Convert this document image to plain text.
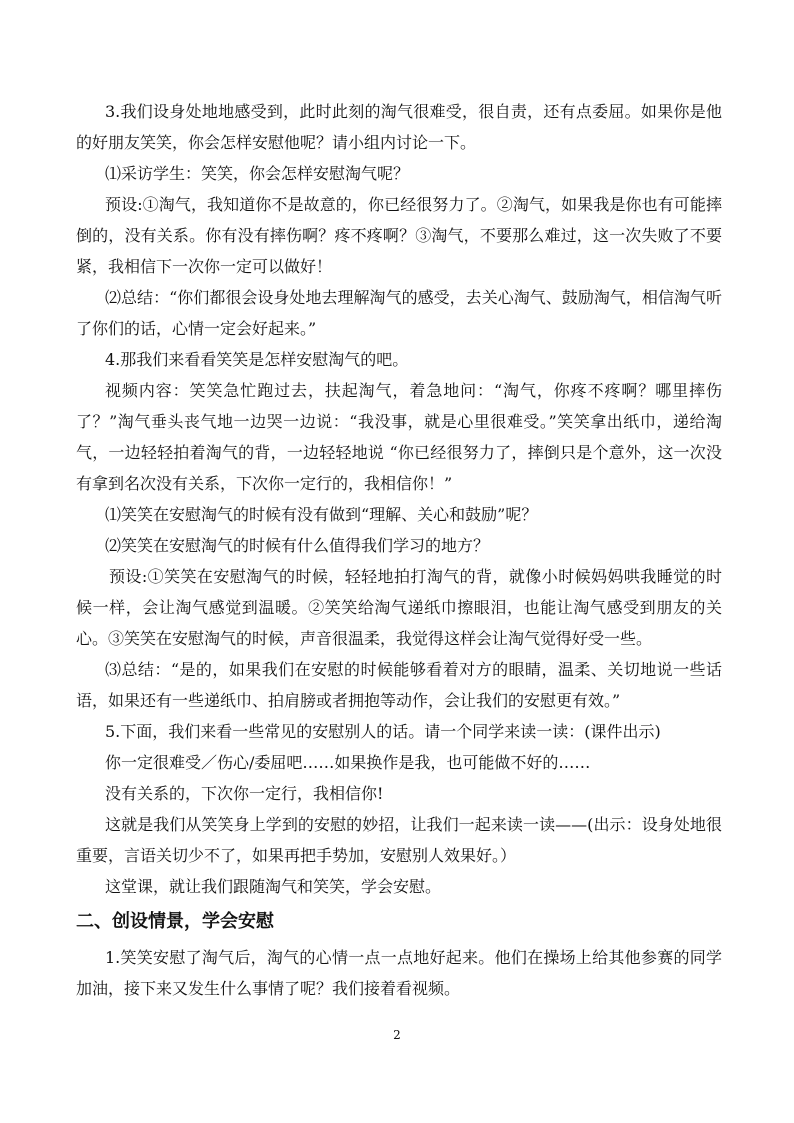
3.我们设身处地地感受到，此时此刻的淘气很难受，很自责，还有点委屈。如果你是他的好朋友笑笑，你会怎样安慰他呢？请小组内讨论一下。

⑴采访学生：笑笑，你会怎样安慰淘气呢？

预设:①淘气，我知道你不是故意的，你已经很努力了。②淘气，如果我是你也有可能摔倒的，没有关系。你有没有摔伤啊？疼不疼啊？③淘气，不要那么难过，这一次失败了不要紧，我相信下一次你一定可以做好！

⑵总结：“你们都很会设身处地去理解淘气的感受，去关心淘气、鼓励淘气，相信淘气听了你们的话，心情一定会好起来。”

4.那我们来看看笑笑是怎样安慰淘气的吧。

视频内容：笑笑急忙跑过去，扶起淘气，着急地问：“淘气，你疼不疼啊？哪里摔伤了？”淘气垂头丧气地一边哭一边说：“我没事，就是心里很难受。”笑笑拿出纸巾，递给淘气，一边轻轻拍着淘气的背，一边轻轻地说 “你已经很努力了，摔倒只是个意外，这一次没有拿到名次没有关系，下次你一定行的，我相信你！”

⑴笑笑在安慰淘气的时候有没有做到“理解、关心和鼓励”呢？

⑵笑笑在安慰淘气的时候有什么值得我们学习的地方？

预设:①笑笑在安慰淘气的时候，轻轻地拍打淘气的背，就像小时候妈妈哄我睡觉的时候一样，会让淘气感觉到温暖。②笑笑给淘气递纸巾擦眼泪，也能让淘气感受到朋友的关心。③笑笑在安慰淘气的时候，声音很温柔，我觉得这样会让淘气觉得好受一些。

⑶总结：“是的，如果我们在安慰的时候能够看着对方的眼睛，温柔、关切地说一些话语，如果还有一些递纸巾、拍肩膀或者拥抱等动作，会让我们的安慰更有效。”

5.下面，我们来看一些常见的安慰别人的话。请一个同学来读一读：(课件出示)

你一定很难受／伤心/委屈吧……如果换作是我，也可能做不好的……

没有关系的，下次你一定行，我相信你!

这就是我们从笑笑身上学到的安慰的妙招，让我们一起来读一读——(出示：设身处地很重要，言语关切少不了，如果再把手势加，安慰别人效果好。）

这堂课，就让我们跟随淘气和笑笑，学会安慰。

二、创设情景，学会安慰

1.笑笑安慰了淘气后，淘气的心情一点一点地好起来。他们在操场上给其他参赛的同学加油，接下来又发生什么事情了呢？我们接着看视频。

2
